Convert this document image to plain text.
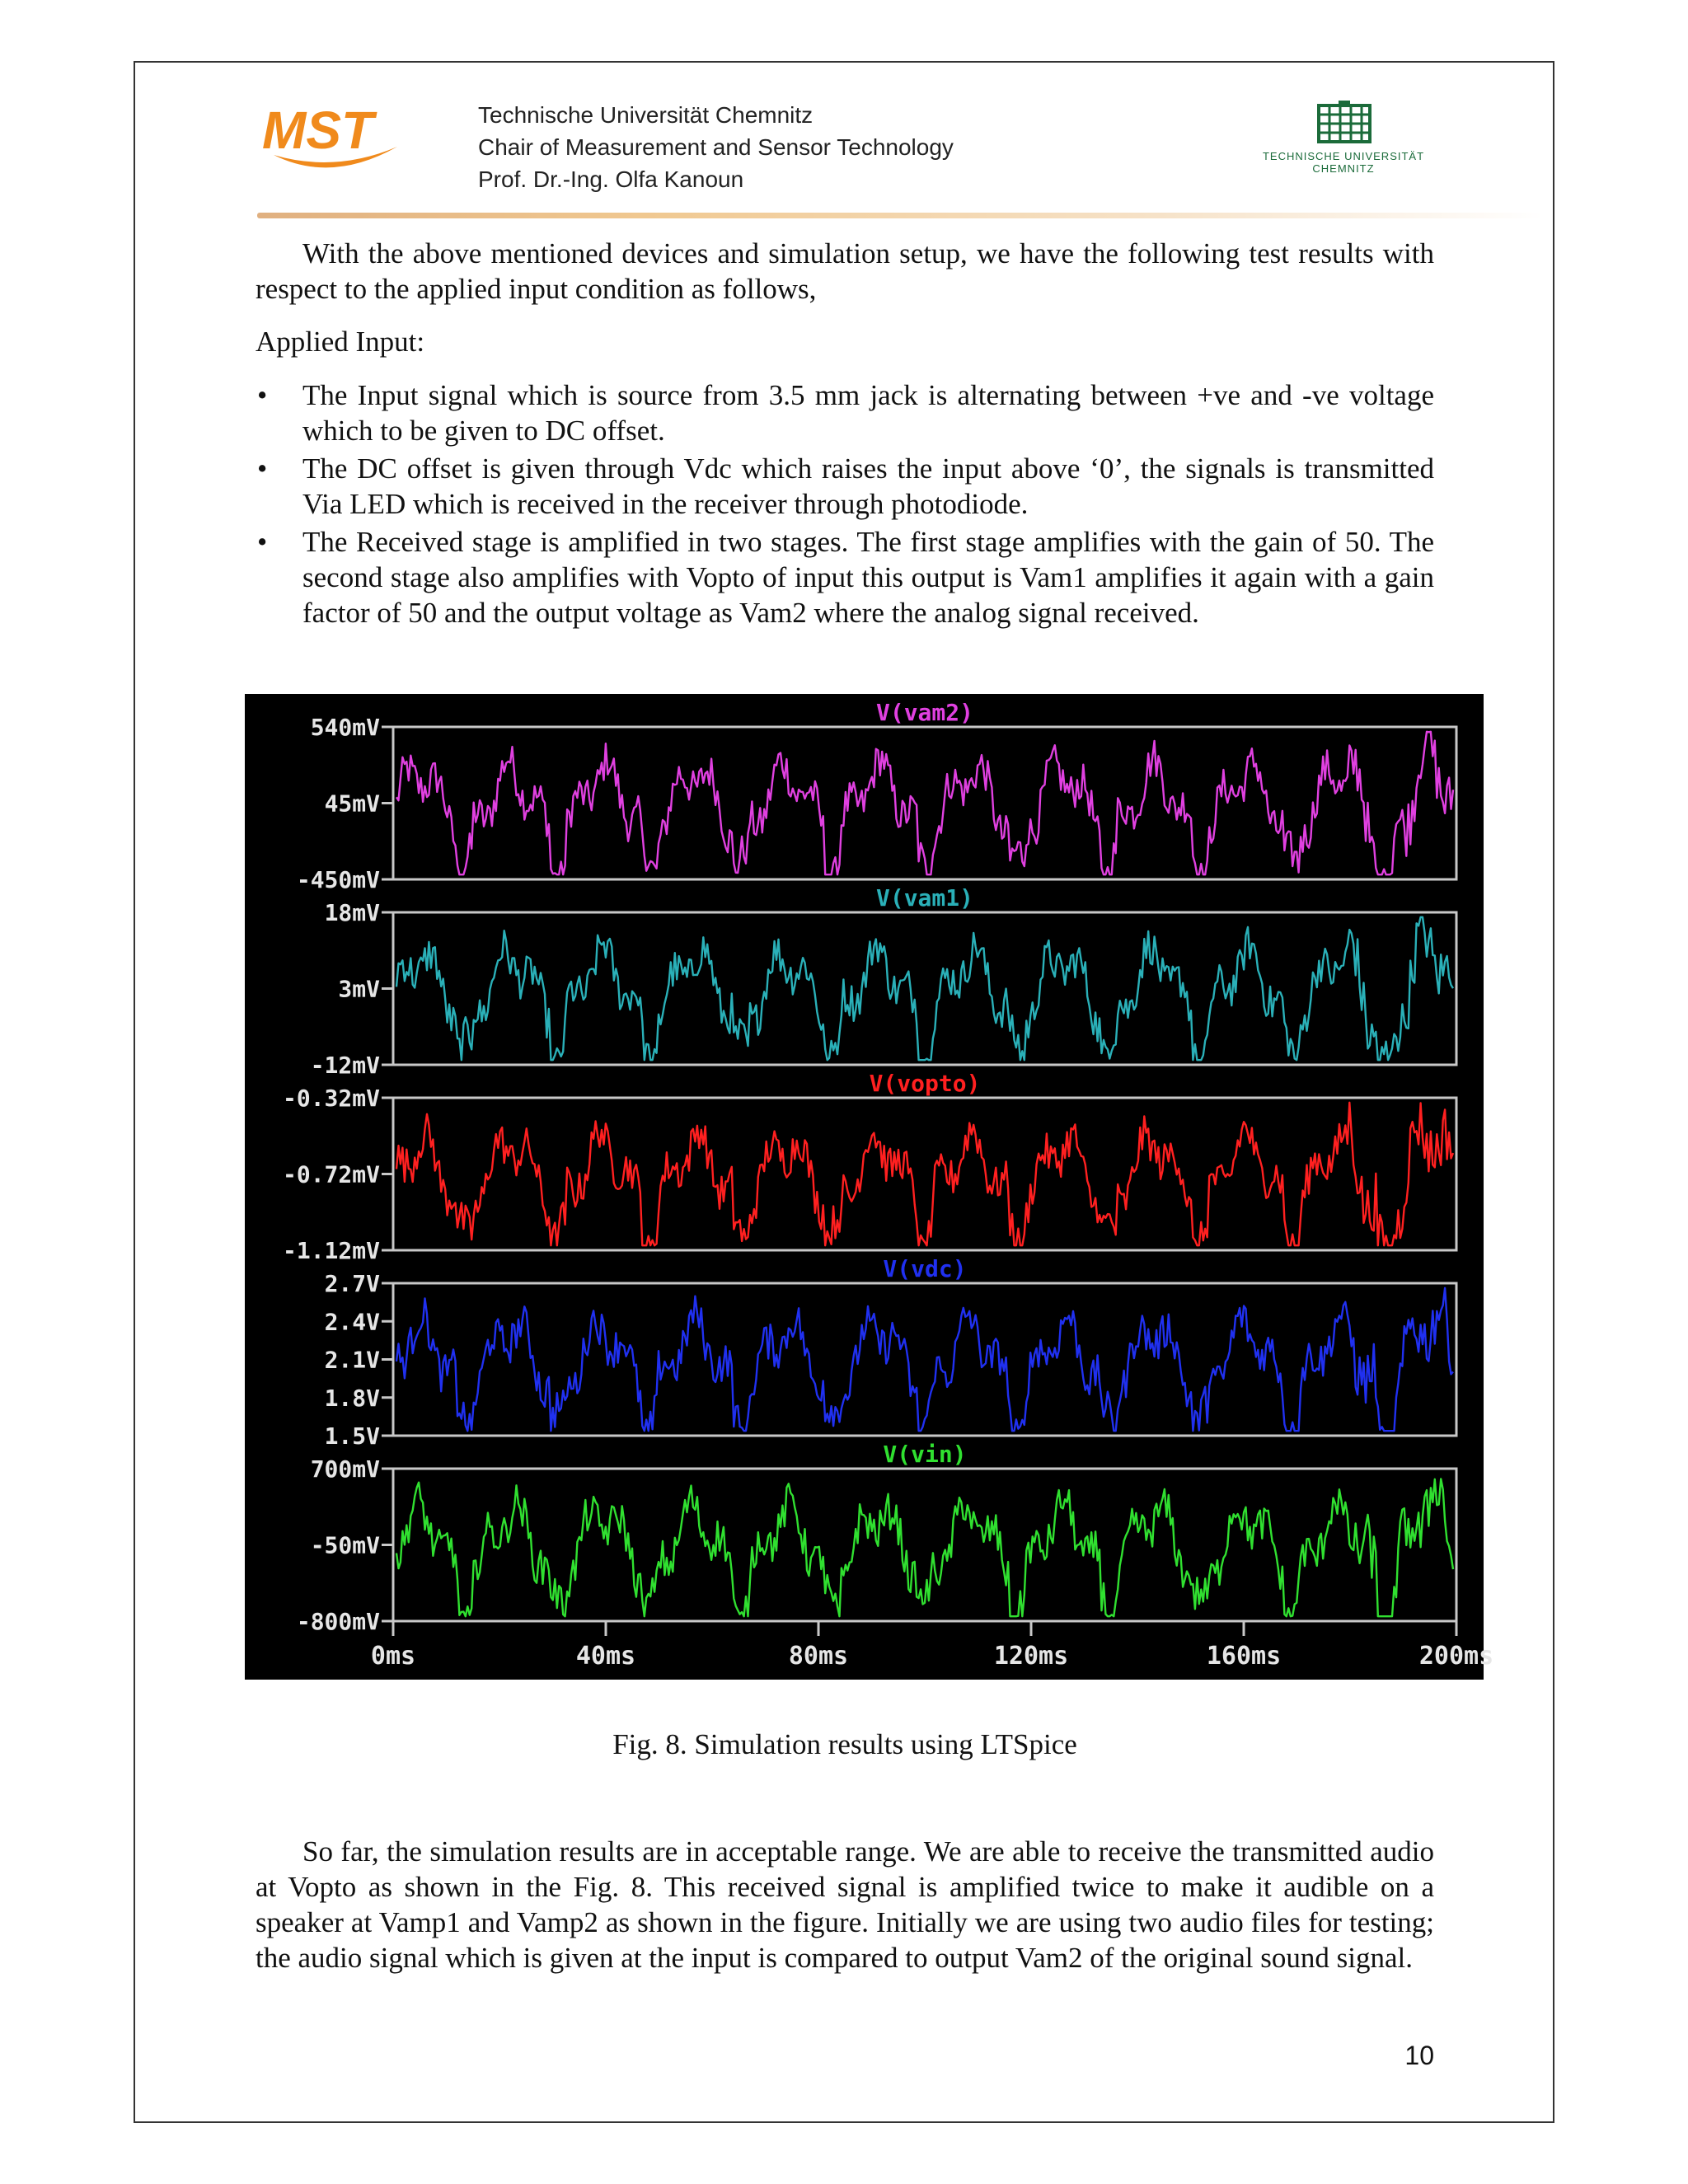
MST	Technische Universität Chemnitz
Chair of Measurement and Sensor Technology
Prof. Dr.-Ing. Olfa Kanoun
TECHNISCHE UNIVERSITÄT
CHEMNITZ
With the above mentioned devices and simulation setup, we have the following test results with respect to the applied input condition as follows,
Applied Input:
• The Input signal which is source from 3.5 mm jack is alternating between +ve and -ve voltage which to be given to DC offset.
• The DC offset is given through Vdc which raises the input above ‘0’, the signals is transmitted Via LED which is received in the receiver through photodiode.
• The Received stage is amplified in two stages. The first stage amplifies with the gain of 50. The second stage also amplifies with Vopto of input this output is Vam1 amplifies it again with a gain factor of 50 and the output voltage as Vam2 where the analog signal received.
V(vam2)
540mV
45mV
-450mV
V(vam1)
18mV
3mV
-12mV
V(vopto)
-0.32mV
-0.72mV
-1.12mV
V(vdc)
2.7V
2.4V
2.1V
1.8V
1.5V
V(vin)
700mV
-50mV
-800mV
0ms	40ms	80ms	120ms	160ms	200ms
Fig. 8. Simulation results using LTSpice
So far, the simulation results are in acceptable range. We are able to receive the transmitted audio at Vopto as shown in the Fig. 8. This received signal is amplified twice to make it audible on a speaker at Vamp1 and Vamp2 as shown in the figure. Initially we are using two audio files for testing; the audio signal which is given at the input is compared to output Vam2 of the original sound signal.
10
